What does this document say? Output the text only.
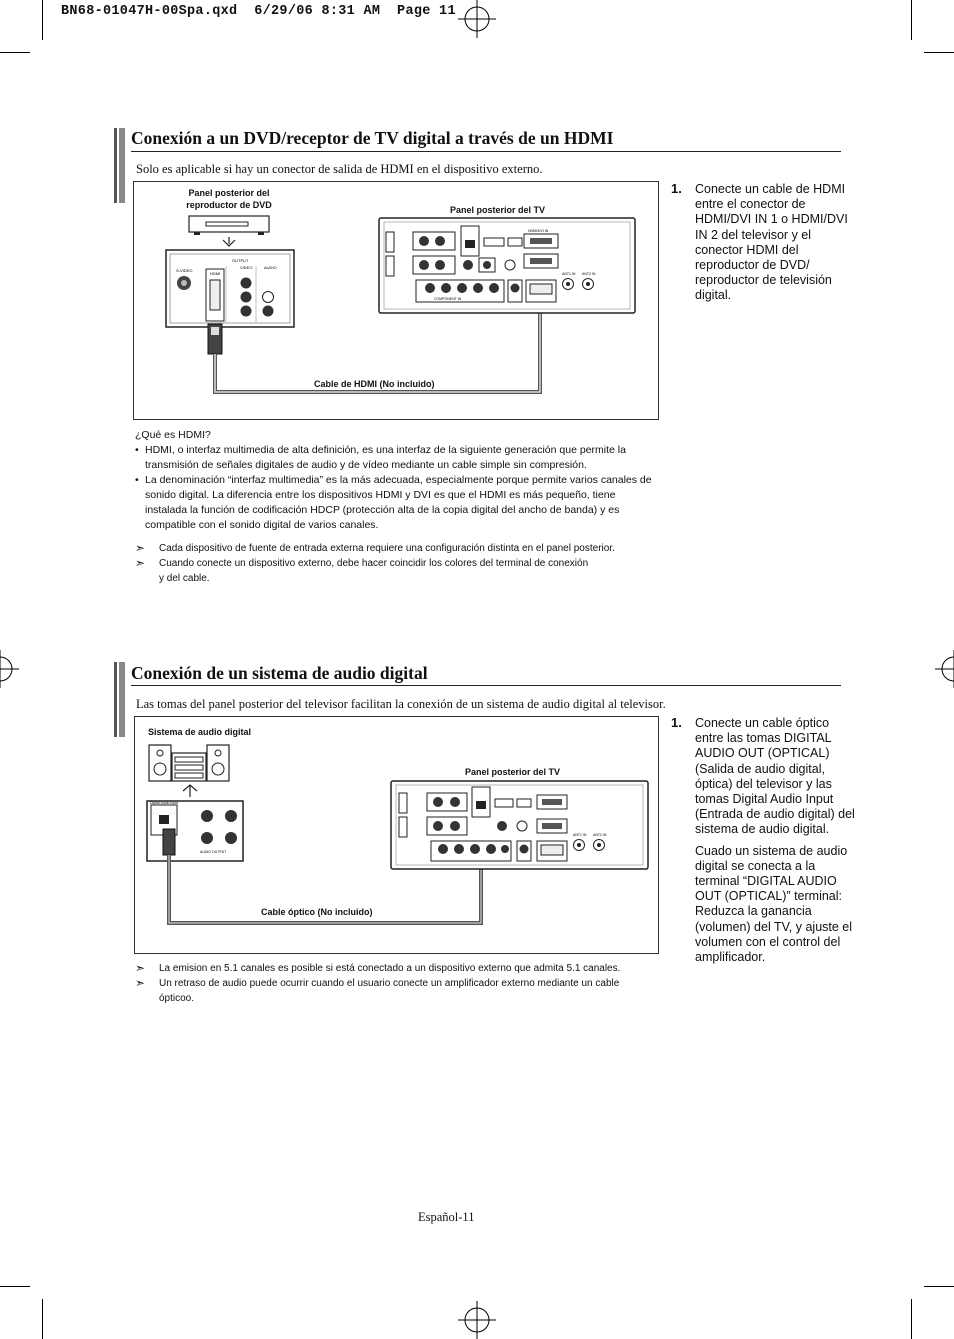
BN68-01047H-00Spa.qxd  6/29/06 8:31 AM  Page 11
Conexión a un DVD/receptor de TV digital a través de un HDMI
Solo es aplicable si hay un conector de salida de HDMI en el dispositivo externo.
Panel posterior del
reproductor de DVD	Panel posterior del TV
Cable de HDMI (No incluido)
OUTPUT
S-VIDEO
HDMI
VIDEO	AUDIO
HDMI/DVI IN
COMPONENT IN
ANT1 IN ANT2 IN
1. Conecte un cable de HDMI entre el conector de HDMI/DVI IN 1 o HDMI/DVI IN 2 del televisor y el conector HDMI del reproductor de DVD/ reproductor de televisión digital.
¿Qué es HDMI?
• HDMI, o interfaz multimedia de alta definición, es una interfaz de la siguiente generación que permite la transmisión de señales digitales de audio y de vídeo mediante un cable simple sin compresión.
• La denominación “interfaz multimedia” es la más adecuada, especialmente porque permite varios canales de sonido digital. La diferencia entre los dispositivos HDMI y DVI es que el HDMI es más pequeño, tiene instalada la función de codificación HDCP (protección alta de la copia digital del ancho de banda) y es compatible con el sonido digital de varios canales.
➣ Cada dispositivo de fuente de entrada externa requiere una configuración distinta en el panel posterior.
➣ Cuando conecte un dispositivo externo, debe hacer coincidir los colores del terminal de conexión y del cable.
Conexión de un sistema de audio digital
Las tomas del panel posterior del televisor facilitan la conexión de un sistema de audio digital al televisor.
Sistema de audio digital
Panel posterior del TV
Cable óptico (No incluido)
Digital Audio Input
AUDIO OUTPUT
ANT1 IN ANT2 IN
1. Conecte un cable óptico entre las tomas DIGITAL AUDIO OUT (OPTICAL) (Salida de audio digital, óptica) del televisor y las tomas Digital Audio Input (Entrada de audio digital) del sistema de audio digital.

Cuado un sistema de audio digital se conecta a la terminal “DIGITAL AUDIO OUT (OPTICAL)” terminal: Reduzca la ganancia (volumen) del TV, y ajuste el volumen con el control del amplificador.

➣ La emision en 5.1 canales es posible si está conectado a un dispositivo externo que admita 5.1 canales.
➣ Un retraso de audio puede ocurrir cuando el usuario conecte un amplificador externo mediante un cable ópticoo.
Español-11
